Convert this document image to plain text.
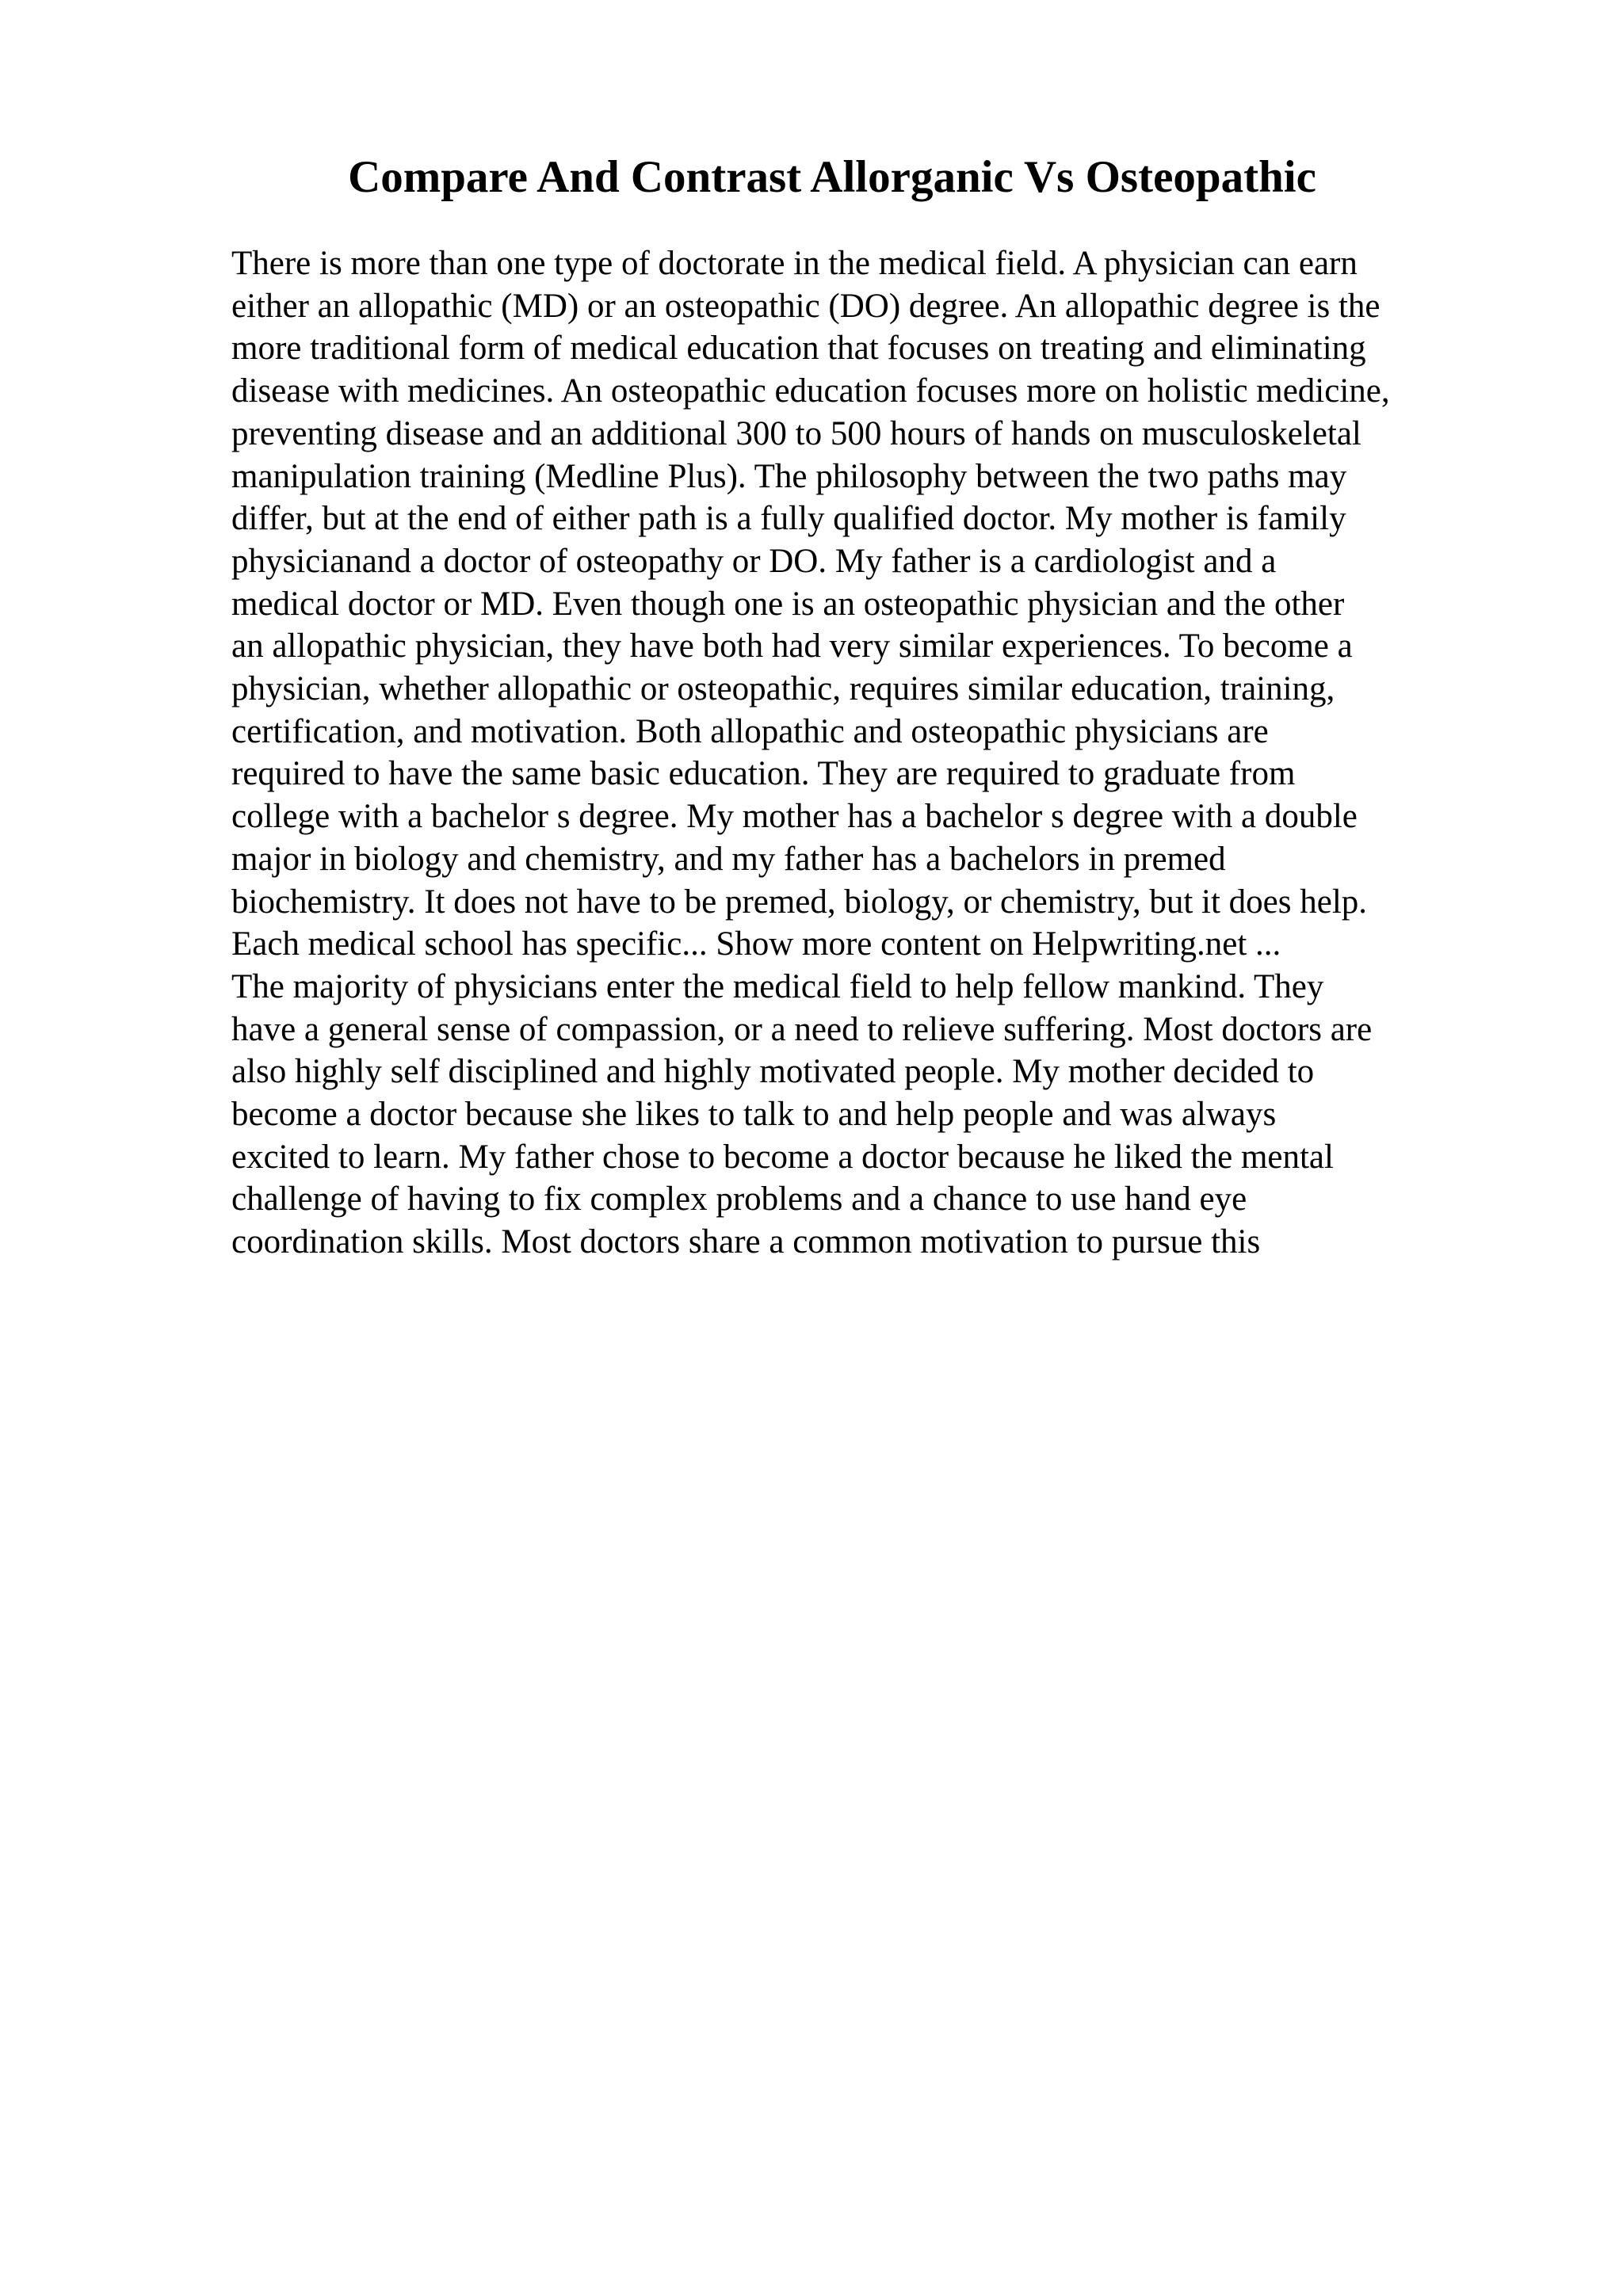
Compare And Contrast Allorganic Vs Osteopathic
There is more than one type of doctorate in the medical field. A physician can earn
either an allopathic (MD) or an osteopathic (DO) degree. An allopathic degree is the
more traditional form of medical education that focuses on treating and eliminating
disease with medicines. An osteopathic education focuses more on holistic medicine,
preventing disease and an additional 300 to 500 hours of hands on musculoskeletal
manipulation training (Medline Plus). The philosophy between the two paths may
differ, but at the end of either path is a fully qualified doctor. My mother is family
physicianand a doctor of osteopathy or DO. My father is a cardiologist and a
medical doctor or MD. Even though one is an osteopathic physician and the other
an allopathic physician, they have both had very similar experiences. To become a
physician, whether allopathic or osteopathic, requires similar education, training,
certification, and motivation. Both allopathic and osteopathic physicians are
required to have the same basic education. They are required to graduate from
college with a bachelor s degree. My mother has a bachelor s degree with a double
major in biology and chemistry, and my father has a bachelors in premed
biochemistry. It does not have to be premed, biology, or chemistry, but it does help.
Each medical school has specific... Show more content on Helpwriting.net ...
The majority of physicians enter the medical field to help fellow mankind. They
have a general sense of compassion, or a need to relieve suffering. Most doctors are
also highly self disciplined and highly motivated people. My mother decided to
become a doctor because she likes to talk to and help people and was always
excited to learn. My father chose to become a doctor because he liked the mental
challenge of having to fix complex problems and a chance to use hand eye
coordination skills. Most doctors share a common motivation to pursue this
